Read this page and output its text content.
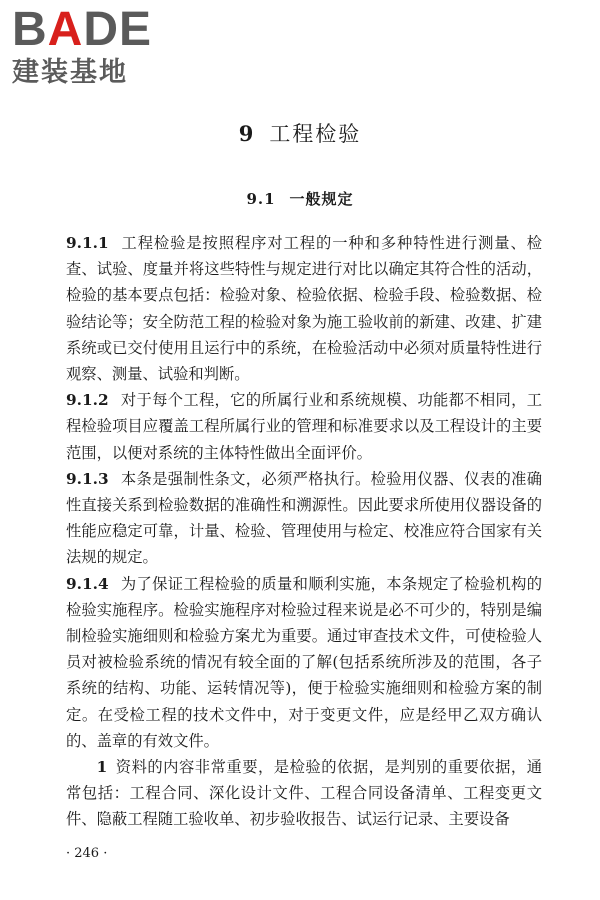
BADE
建装基地
9 工程检验
9.1 一般规定

9.1.1 工程检验是按照程序对工程的一种和多种特性进行测量、检查、试验、度量并将这些特性与规定进行对比以确定其符合性的活动，检验的基本要点包括：检验对象、检验依据、检验手段、检验数据、检验结论等；安全防范工程的检验对象为施工验收前的新建、改建、扩建系统或已交付使用且运行中的系统，在检验活动中必须对质量特性进行观察、测量、试验和判断。

9.1.2 对于每个工程，它的所属行业和系统规模、功能都不相同，工程检验项目应覆盖工程所属行业的管理和标准要求以及工程设计的主要范围，以便对系统的主体特性做出全面评价。

9.1.3 本条是强制性条文，必须严格执行。检验用仪器、仪表的准确性直接关系到检验数据的准确性和溯源性。因此要求所使用仪器设备的性能应稳定可靠，计量、检验、管理使用与检定、校准应符合国家有关法规的规定。

9.1.4 为了保证工程检验的质量和顺利实施，本条规定了检验机构的检验实施程序。检验实施程序对检验过程来说是必不可少的，特别是编制检验实施细则和检验方案尤为重要。通过审查技术文件，可使检验人员对被检验系统的情况有较全面的了解(包括系统所涉及的范围，各子系统的结构、功能、运转情况等)，便于检验实施细则和检验方案的制定。在受检工程的技术文件中，对于变更文件，应是经甲乙双方确认的、盖章的有效文件。

1 资料的内容非常重要，是检验的依据，是判别的重要依据，通常包括：工程合同、深化设计文件、工程合同设备清单、工程变更文件、隐蔽工程随工验收单、初步验收报告、试运行记录、主要设备

· 246 ·
